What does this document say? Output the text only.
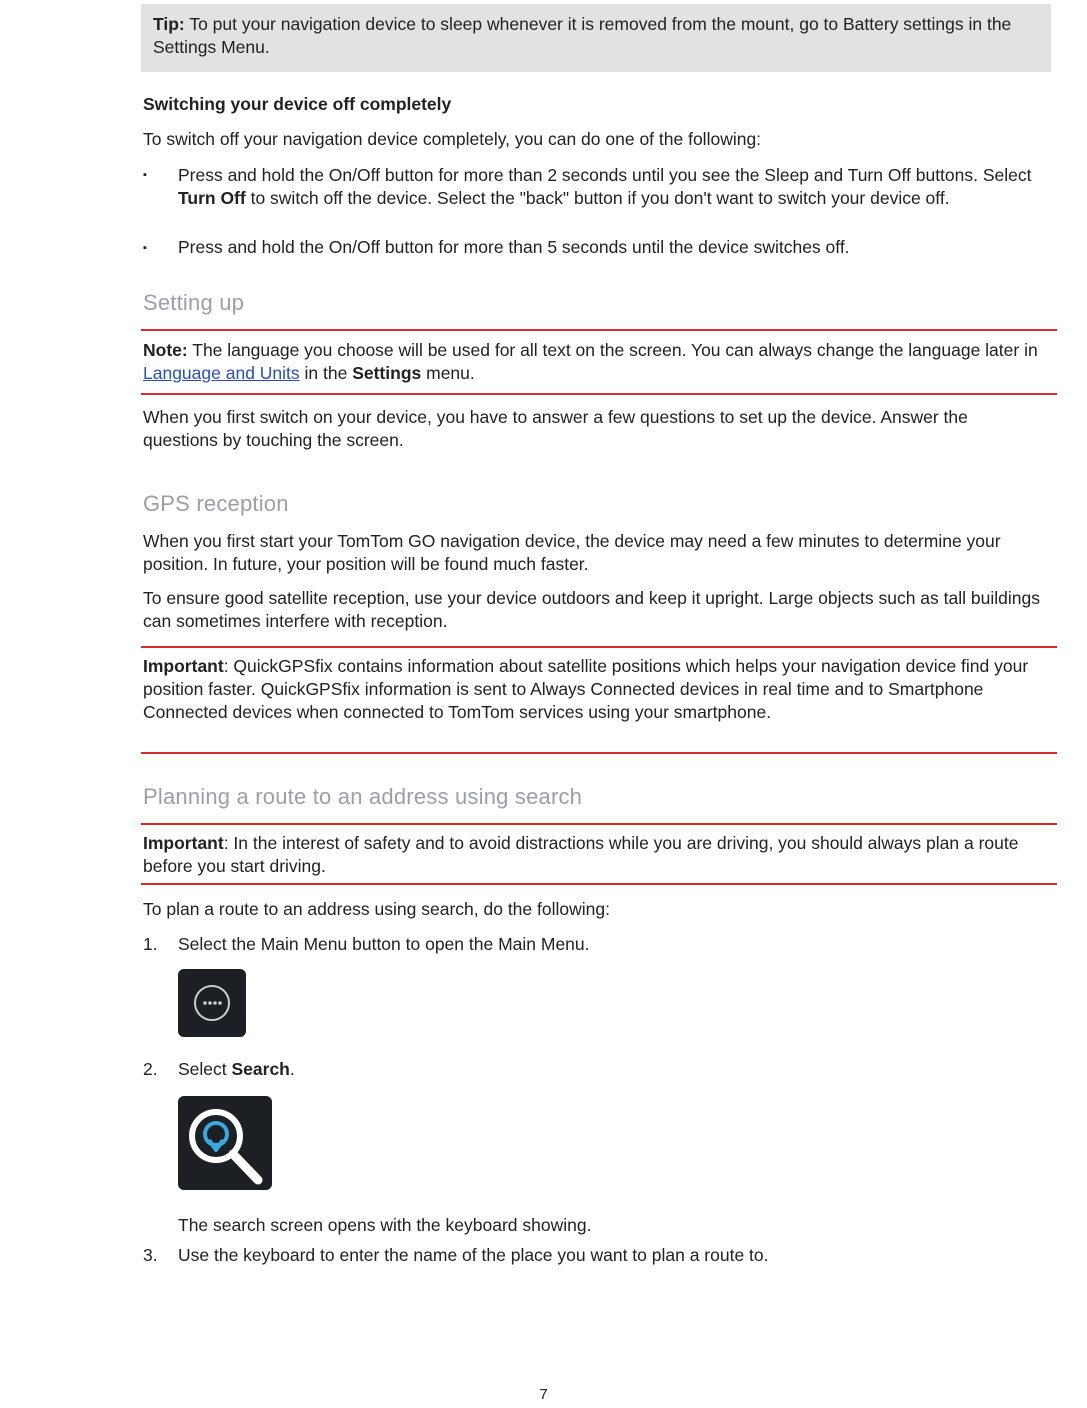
Tip: To put your navigation device to sleep whenever it is removed from the mount, go to Battery settings in the Settings Menu.

Switching your device off completely

To switch off your navigation device completely, you can do one of the following:

▪	Press and hold the On/Off button for more than 2 seconds until you see the Sleep and Turn Off buttons. Select Turn Off to switch off the device. Select the "back" button if you don't want to switch your device off.

▪	Press and hold the On/Off button for more than 5 seconds until the device switches off.

Setting up

Note: The language you choose will be used for all text on the screen. You can always change the language later in Language and Units in the Settings menu.

When you first switch on your device, you have to answer a few questions to set up the device. Answer the questions by touching the screen.

GPS reception

When you first start your TomTom GO navigation device, the device may need a few minutes to determine your position. In future, your position will be found much faster.

To ensure good satellite reception, use your device outdoors and keep it upright. Large objects such as tall buildings can sometimes interfere with reception.

Important: QuickGPSfix contains information about satellite positions which helps your navigation device find your position faster. QuickGPSfix information is sent to Always Connected devices in real time and to Smartphone Connected devices when connected to TomTom services using your smartphone.

Planning a route to an address using search

Important: In the interest of safety and to avoid distractions while you are driving, you should always plan a route before you start driving.

To plan a route to an address using search, do the following:

1. Select the Main Menu button to open the Main Menu.

2. Select Search.

The search screen opens with the keyboard showing.

3. Use the keyboard to enter the name of the place you want to plan a route to.

7
